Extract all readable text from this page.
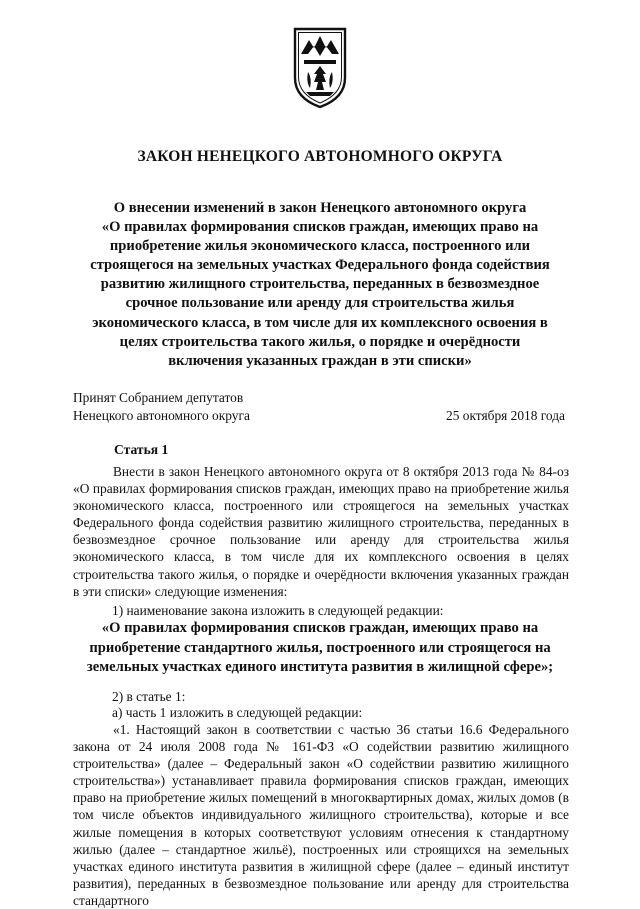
ЗАКОН НЕНЕЦКОГО АВТОНОМНОГО ОКРУГА
О внесении изменений в закон Ненецкого автономного округа
«О правилах формирования списков граждан, имеющих право на
приобретение жилья экономического класса, построенного или
строящегося на земельных участках Федерального фонда содействия
развитию жилищного строительства, переданных в безвозмездное
срочное пользование или аренду для строительства жилья
экономического класса, в том числе для их комплексного освоения в
целях строительства такого жилья, о порядке и очерёдности
включения указанных граждан в эти списки»
Принят Собранием депутатов
Ненецкого автономного округа	25 октября 2018 года
Статья 1
Внести в закон Ненецкого автономного округа от 8 октября 2013 года № 84-оз «О правилах формирования списков граждан, имеющих право на приобретение жилья экономического класса, построенного или строящегося на земельных участках Федерального фонда содействия развитию жилищного строительства, переданных в безвозмездное срочное пользование или аренду для строительства жилья экономического класса, в том числе для их комплексного освоения в целях строительства такого жилья, о порядке и очерёдности включения указанных граждан в эти списки» следующие изменения:
1) наименование закона изложить в следующей редакции:
«О правилах формирования списков граждан, имеющих право на
приобретение стандартного жилья, построенного или строящегося на
земельных участках единого института развития в жилищной сфере»;
2) в статье 1:
а) часть 1 изложить в следующей редакции:
«1. Настоящий закон в соответствии с частью 36 статьи 16.6 Федерального закона от 24 июля 2008 года № 161-ФЗ «О содействии развитию жилищного строительства» (далее – Федеральный закон «О содействии развитию жилищного строительства») устанавливает правила формирования списков граждан, имеющих право на приобретение жилых помещений в многоквартирных домах, жилых домов (в том числе объектов индивидуального жилищного строительства), которые и все жилые помещения в которых соответствуют условиям отнесения к стандартному жилью (далее – стандартное жильё), построенных или строящихся на земельных участках единого института развития в жилищной сфере (далее – единый институт развития), переданных в безвозмездное пользование или аренду для строительства стандартного
